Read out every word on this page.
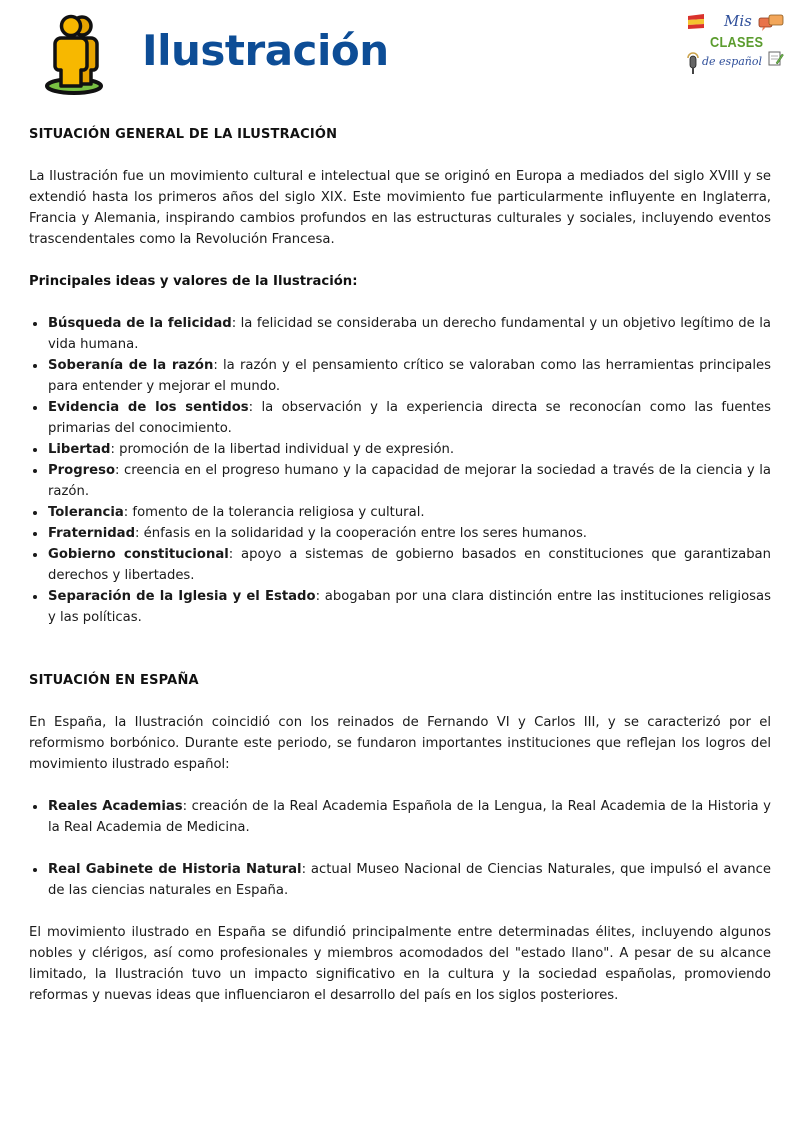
Ilustración
Mis
CLASES
de español
SITUACIÓN GENERAL DE LA ILUSTRACIÓN

La Ilustración fue un movimiento cultural e intelectual que se originó en Europa a mediados del siglo XVIII y se extendió hasta los primeros años del siglo XIX. Este movimiento fue particularmente influyente en Inglaterra, Francia y Alemania, inspirando cambios profundos en las estructuras culturales y sociales, incluyendo eventos trascendentales como la Revolución Francesa.

Principales ideas y valores de la Ilustración:
Búsqueda de la felicidad: la felicidad se consideraba un derecho fundamental y un objetivo legítimo de la vida humana.
Soberanía de la razón: la razón y el pensamiento crítico se valoraban como las herramientas principales para entender y mejorar el mundo.
Evidencia de los sentidos: la observación y la experiencia directa se reconocían como las fuentes primarias del conocimiento.
Libertad: promoción de la libertad individual y de expresión.
Progreso: creencia en el progreso humano y la capacidad de mejorar la sociedad a través de la ciencia y la razón.
Tolerancia: fomento de la tolerancia religiosa y cultural.
Fraternidad: énfasis en la solidaridad y la cooperación entre los seres humanos.
Gobierno constitucional: apoyo a sistemas de gobierno basados en constituciones que garantizaban derechos y libertades.
Separación de la Iglesia y el Estado: abogaban por una clara distinción entre las instituciones religiosas y las políticas.
SITUACIÓN EN ESPAÑA

En España, la Ilustración coincidió con los reinados de Fernando VI y Carlos III, y se caracterizó por el reformismo borbónico. Durante este periodo, se fundaron importantes instituciones que reflejan los logros del movimiento ilustrado español:

Reales Academias: creación de la Real Academia Española de la Lengua, la Real Academia de la Historia y la Real Academia de Medicina.
Real Gabinete de Historia Natural: actual Museo Nacional de Ciencias Naturales, que impulsó el avance de las ciencias naturales en España.

El movimiento ilustrado en España se difundió principalmente entre determinadas élites, incluyendo algunos nobles y clérigos, así como profesionales y miembros acomodados del "estado llano". A pesar de su alcance limitado, la Ilustración tuvo un impacto significativo en la cultura y la sociedad españolas, promoviendo reformas y nuevas ideas que influenciaron el desarrollo del país en los siglos posteriores.
